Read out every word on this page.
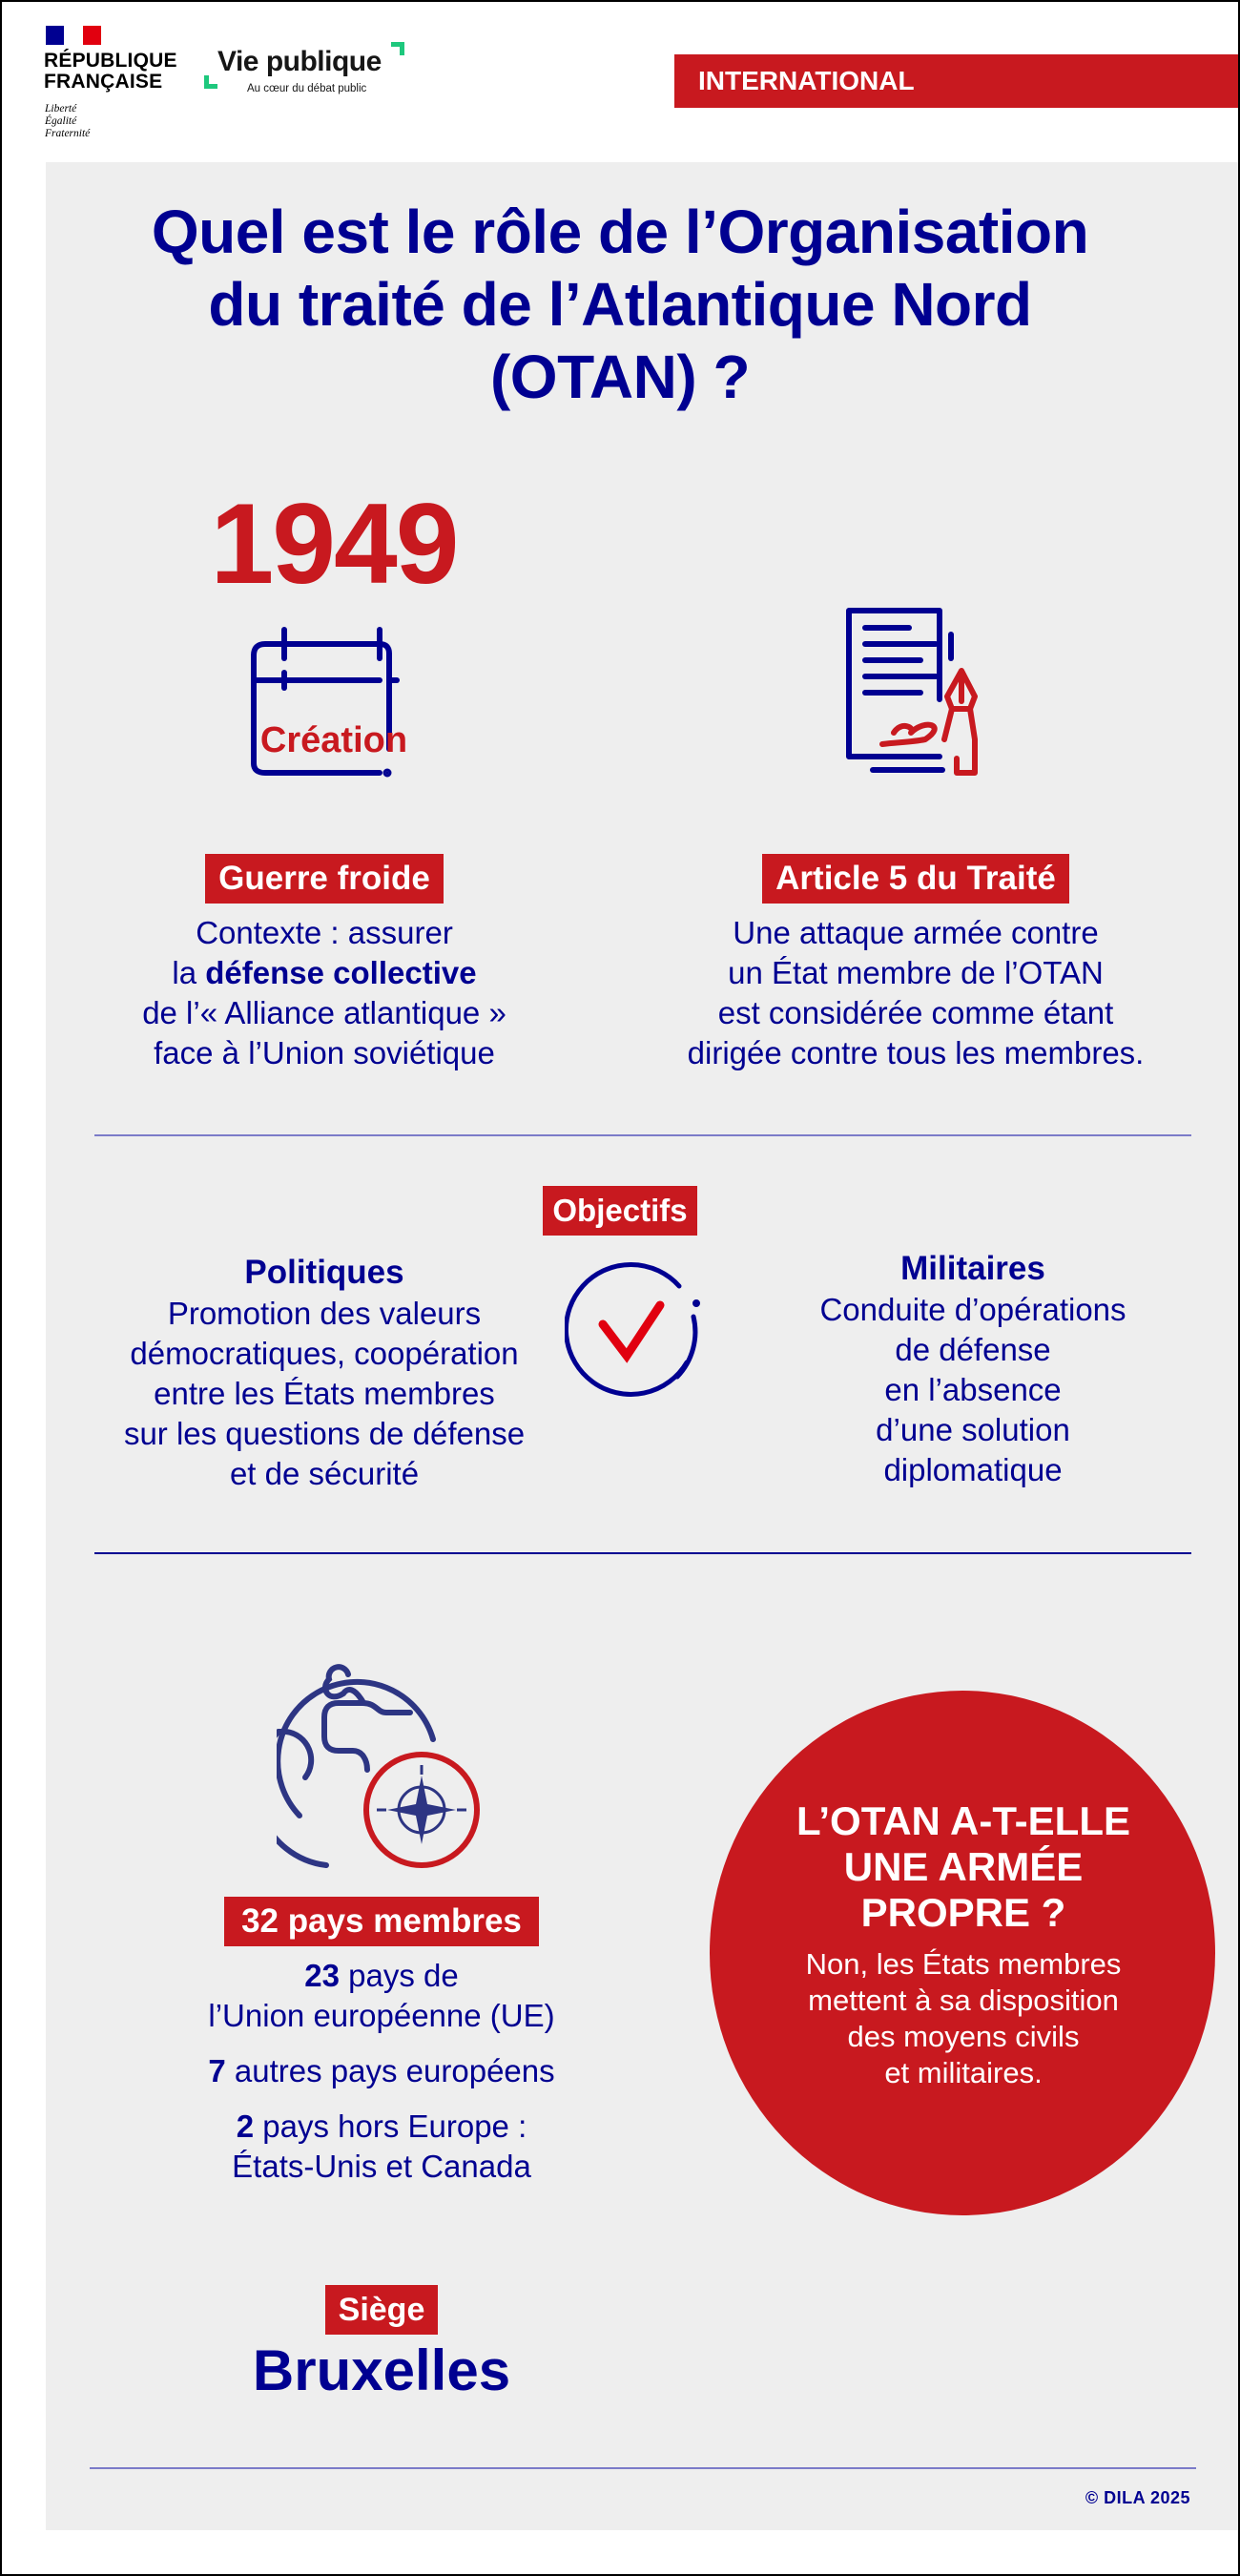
RÉPUBLIQUE
FRANÇAISE
Liberté
Égalité
Fraternité
Vie publique
Au cœur du débat public	INTERNATIONAL
Quel est le rôle de l’Organisation
du traité de l’Atlantique Nord
(OTAN) ?
1949
Création
Guerre froide
Contexte : assurer
la défense collective
de l’« Alliance atlantique »
face à l’Union soviétique
Article 5 du Traité
Une attaque armée contre
un État membre de l’OTAN
est considérée comme étant
dirigée contre tous les membres.
Objectifs
Politiques
Promotion des valeurs
démocratiques, coopération
entre les États membres
sur les questions de défense
et de sécurité
Militaires
Conduite d’opérations
de défense
en l’absence
d’une solution
diplomatique
32 pays membres
23 pays de
l’Union européenne (UE)
7 autres pays européens
2 pays hors Europe :
États-Unis et Canada
Siège
Bruxelles
L’OTAN A-T-ELLE
UNE ARMÉE
PROPRE ?
Non, les États membres
mettent à sa disposition
des moyens civils
et militaires.
© DILA 2025
